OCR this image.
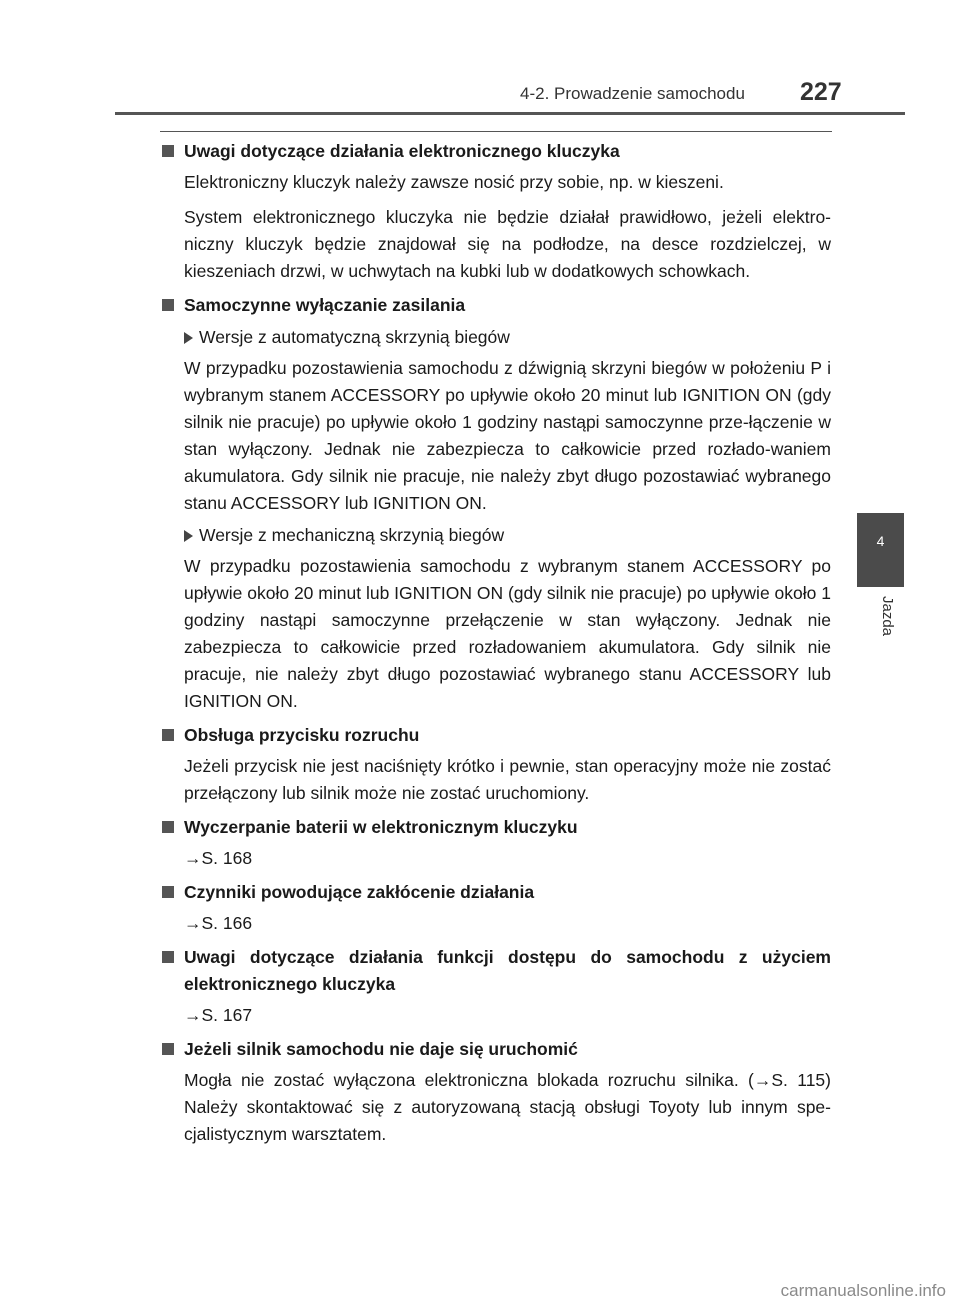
4-2. Prowadzenie samochodu 227
4
Jazda
Uwagi dotyczące działania elektronicznego kluczyka
Elektroniczny kluczyk należy zawsze nosić przy sobie, np. w kieszeni.
System elektronicznego kluczyka nie będzie działał prawidłowo, jeżeli elektro-niczny kluczyk będzie znajdował się na podłodze, na desce rozdzielczej, w kieszeniach drzwi, w uchwytach na kubki lub w dodatkowych schowkach.
Samoczynne wyłączanie zasilania
Wersje z automatyczną skrzynią biegów
W przypadku pozostawienia samochodu z dźwignią skrzyni biegów w położeniu P i wybranym stanem ACCESSORY po upływie około 20 minut lub IGNITION ON (gdy silnik nie pracuje) po upływie około 1 godziny nastąpi samoczynne prze-łączenie w stan wyłączony. Jednak nie zabezpiecza to całkowicie przed rozłado-waniem akumulatora. Gdy silnik nie pracuje, nie należy zbyt długo pozostawiać wybranego stanu ACCESSORY lub IGNITION ON.
Wersje z mechaniczną skrzynią biegów
W przypadku pozostawienia samochodu z wybranym stanem ACCESSORY po upływie około 20 minut lub IGNITION ON (gdy silnik nie pracuje) po upływie około 1 godziny nastąpi samoczynne przełączenie w stan wyłączony. Jednak nie zabezpiecza to całkowicie przed rozładowaniem akumulatora. Gdy silnik nie pracuje, nie należy zbyt długo pozostawiać wybranego stanu ACCESSORY lub IGNITION ON.
Obsługa przycisku rozruchu
Jeżeli przycisk nie jest naciśnięty krótko i pewnie, stan operacyjny może nie zostać przełączony lub silnik może nie zostać uruchomiony.
Wyczerpanie baterii w elektronicznym kluczyku
→S. 168
Czynniki powodujące zakłócenie działania
→S. 166
Uwagi dotyczące działania funkcji dostępu do samochodu z użyciem elektronicznego kluczyka
→S. 167
Jeżeli silnik samochodu nie daje się uruchomić
Mogła nie zostać wyłączona elektroniczna blokada rozruchu silnika. (→S. 115) Należy skontaktować się z autoryzowaną stacją obsługi Toyoty lub innym spe-cjalistycznym warsztatem.
carmanualsonline.info
